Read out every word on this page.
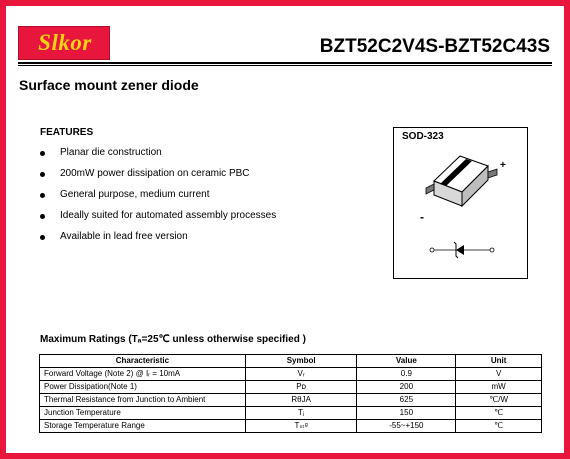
Slkor	BZT52C2V4S-BZT52C43S
Surface mount zener diode
FEATURES
Planar die construction
200mW power dissipation on ceramic PBC
General purpose, medium current
Ideally suited for automated assembly processes
Available in lead free version
SOD-323
+
-
Maximum Ratings (Tₐ=25℃ unless otherwise specified )
Characteristic	Symbol	Value	Unit
Forward Voltage (Note 2) @ Iᵣ = 10mA	Vᵣ	0.9	V
Power Dissipation(Note 1)	Pᴅ	200	mW
Thermal Resistance from Junction to Ambient	RθJA	625	℃/W
Junction Temperature	Tⱼ	150	℃
Storage Temperature Range	Tₛₜᵍ	-55~+150	℃
